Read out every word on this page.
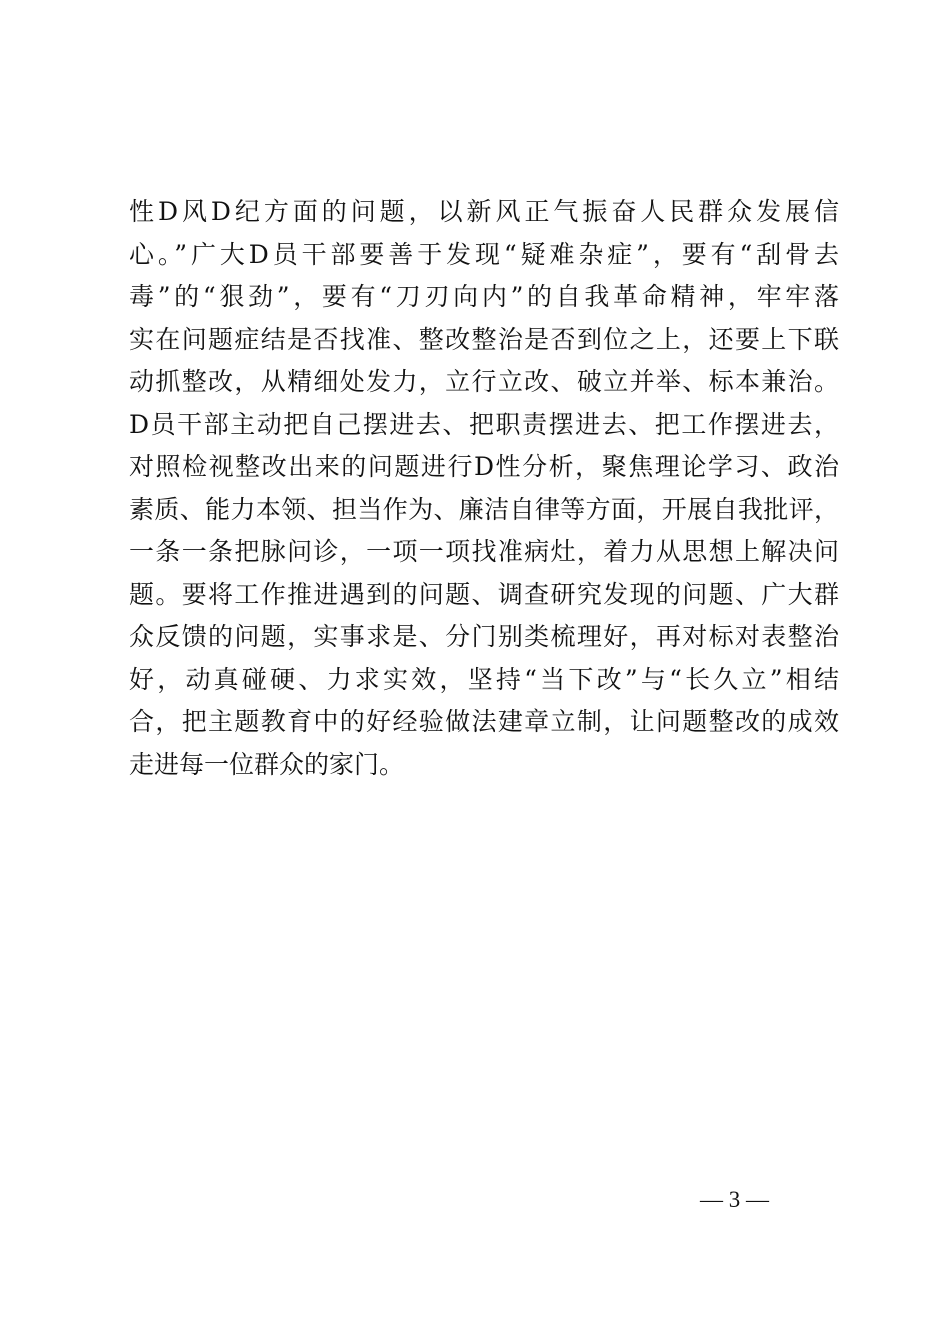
性D风D纪方面的问题，以新风正气振奋人民群众发展信
心。”广大D员干部要善于发现“疑难杂症”，要有“刮骨去
毒”的“狠劲”，要有“刀刃向内”的自我革命精神，牢牢落
实在问题症结是否找准、整改整治是否到位之上，还要上下联
动抓整改，从精细处发力，立行立改、破立并举、标本兼治。
D员干部主动把自己摆进去、把职责摆进去、把工作摆进去，
对照检视整改出来的问题进行D性分析，聚焦理论学习、政治
素质、能力本领、担当作为、廉洁自律等方面，开展自我批评，
一条一条把脉问诊，一项一项找准病灶，着力从思想上解决问
题。要将工作推进遇到的问题、调查研究发现的问题、广大群
众反馈的问题，实事求是、分门别类梳理好，再对标对表整治
好，动真碰硬、力求实效，坚持“当下改”与“长久立”相结
合，把主题教育中的好经验做法建章立制，让问题整改的成效
走进每一位群众的家门。
— 3 —
